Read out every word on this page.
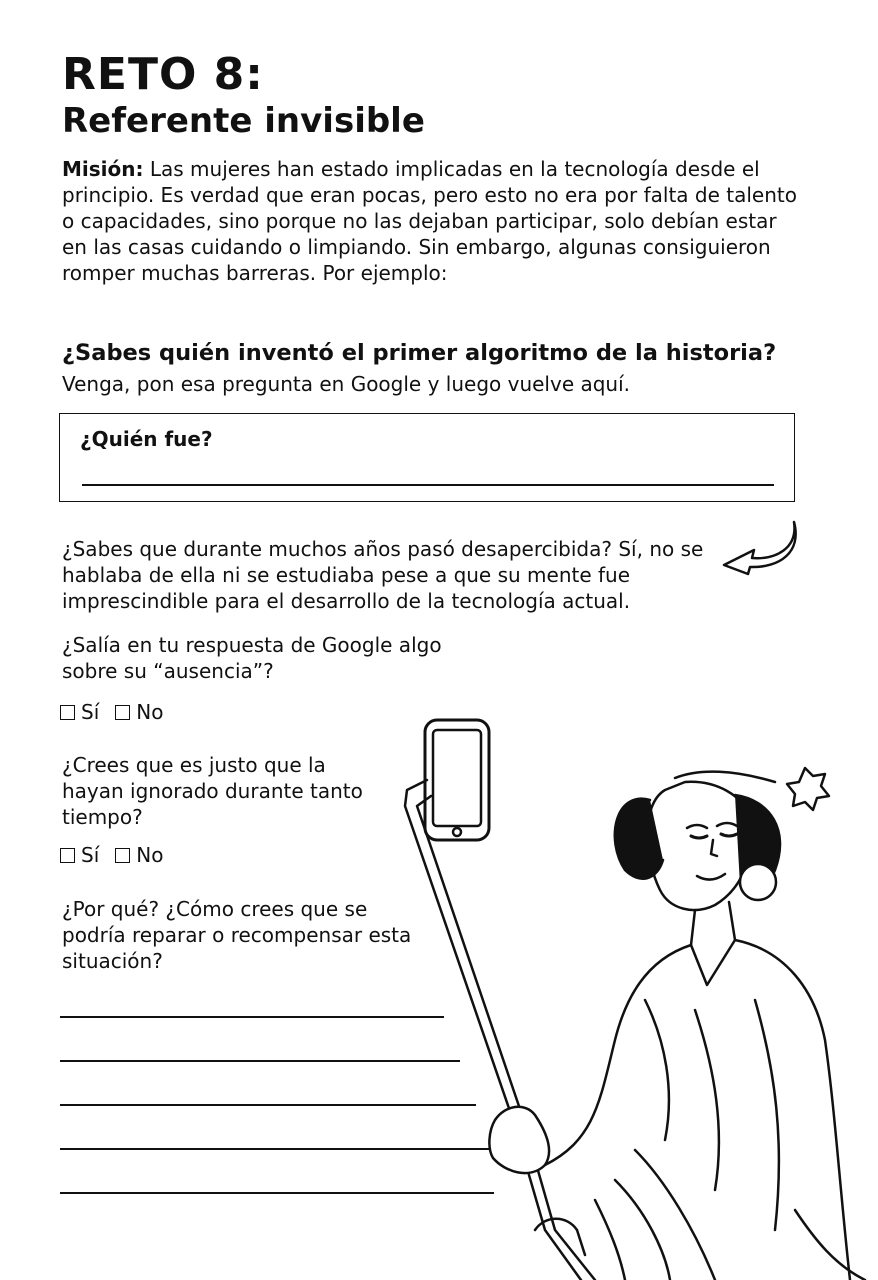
RETO 8:
Referente invisible
Misión: Las mujeres han estado implicadas en la tecnología desde el principio. Es verdad que eran pocas, pero esto no era por falta de talento o capacidades, sino porque no las dejaban participar, solo debían estar en las casas cuidando o limpiando. Sin embargo, algunas consiguieron romper muchas barreras. Por ejemplo:
¿Sabes quién inventó el primer algoritmo de la historia?
Venga, pon esa pregunta en Google y luego vuelve aquí.
¿Quién fue?
¿Sabes que durante muchos años pasó desapercibida? Sí, no se hablaba de ella ni se estudiaba pese a que su mente fue imprescindible para el desarrollo de la tecnología actual.
¿Salía en tu respuesta de Google algo sobre su “ausencia”?
Sí No
¿Crees que es justo que la hayan ignorado durante tanto tiempo?
Sí No
¿Por qué? ¿Cómo crees que se podría reparar o recompensar esta situación?
